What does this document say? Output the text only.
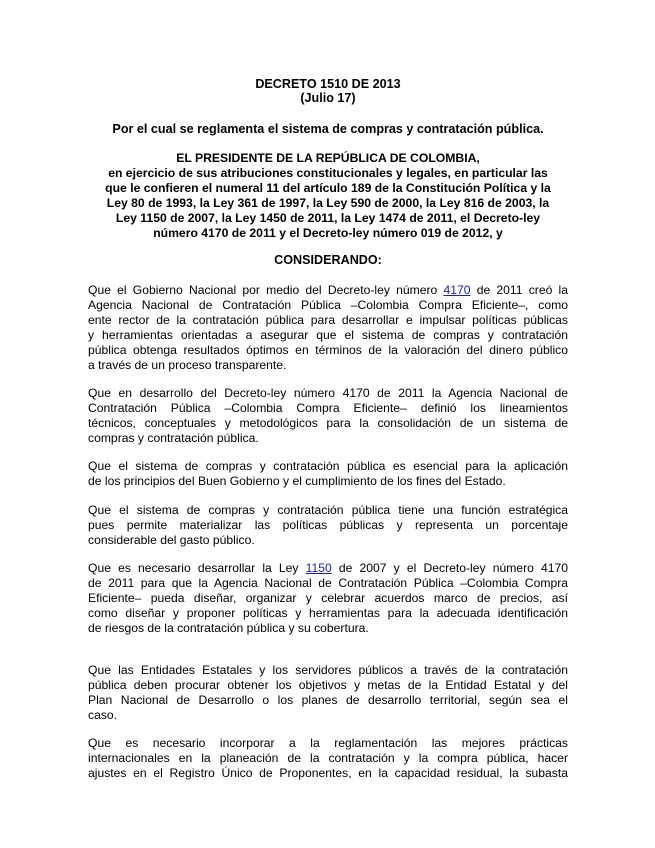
DECRETO 1510 DE 2013
(Julio 17)
Por el cual se reglamenta el sistema de compras y contratación pública.
EL PRESIDENTE DE LA REPÚBLICA DE COLOMBIA,
en ejercicio de sus atribuciones constitucionales y legales, en particular las
que le confieren el numeral 11 del artículo 189 de la Constitución Política y la
Ley 80 de 1993, la Ley 361 de 1997, la Ley 590 de 2000, la Ley 816 de 2003, la
Ley 1150 de 2007, la Ley 1450 de 2011, la Ley 1474 de 2011, el Decreto-ley
número 4170 de 2011 y el Decreto-ley número 019 de 2012, y
CONSIDERANDO:
Que el Gobierno Nacional por medio del Decreto-ley número 4170 de 2011 creó la
Agencia Nacional de Contratación Pública –Colombia Compra Eficiente–, como
ente rector de la contratación pública para desarrollar e impulsar políticas públicas
y herramientas orientadas a asegurar que el sistema de compras y contratación
pública obtenga resultados óptimos en términos de la valoración del dinero público
a través de un proceso transparente.
Que en desarrollo del Decreto-ley número 4170 de 2011 la Agencia Nacional de
Contratación Pública –Colombia Compra Eficiente– definió los lineamientos
técnicos, conceptuales y metodológicos para la consolidación de un sistema de
compras y contratación pública.
Que el sistema de compras y contratación pública es esencial para la aplicación
de los principios del Buen Gobierno y el cumplimiento de los fines del Estado.
Que el sistema de compras y contratación pública tiene una función estratégica
pues permite materializar las políticas públicas y representa un porcentaje
considerable del gasto público.
Que es necesario desarrollar la Ley 1150 de 2007 y el Decreto-ley número 4170
de 2011 para que la Agencia Nacional de Contratación Pública –Colombia Compra
Eficiente– pueda diseñar, organizar y celebrar acuerdos marco de precios, así
como diseñar y proponer políticas y herramientas para la adecuada identificación
de riesgos de la contratación pública y su cobertura.
Que las Entidades Estatales y los servidores públicos a través de la contratación
pública deben procurar obtener los objetivos y metas de la Entidad Estatal y del
Plan Nacional de Desarrollo o los planes de desarrollo territorial, según sea el
caso.
Que es necesario incorporar a la reglamentación las mejores prácticas
internacionales en la planeación de la contratación y la compra pública, hacer
ajustes en el Registro Único de Proponentes, en la capacidad residual, la subasta
